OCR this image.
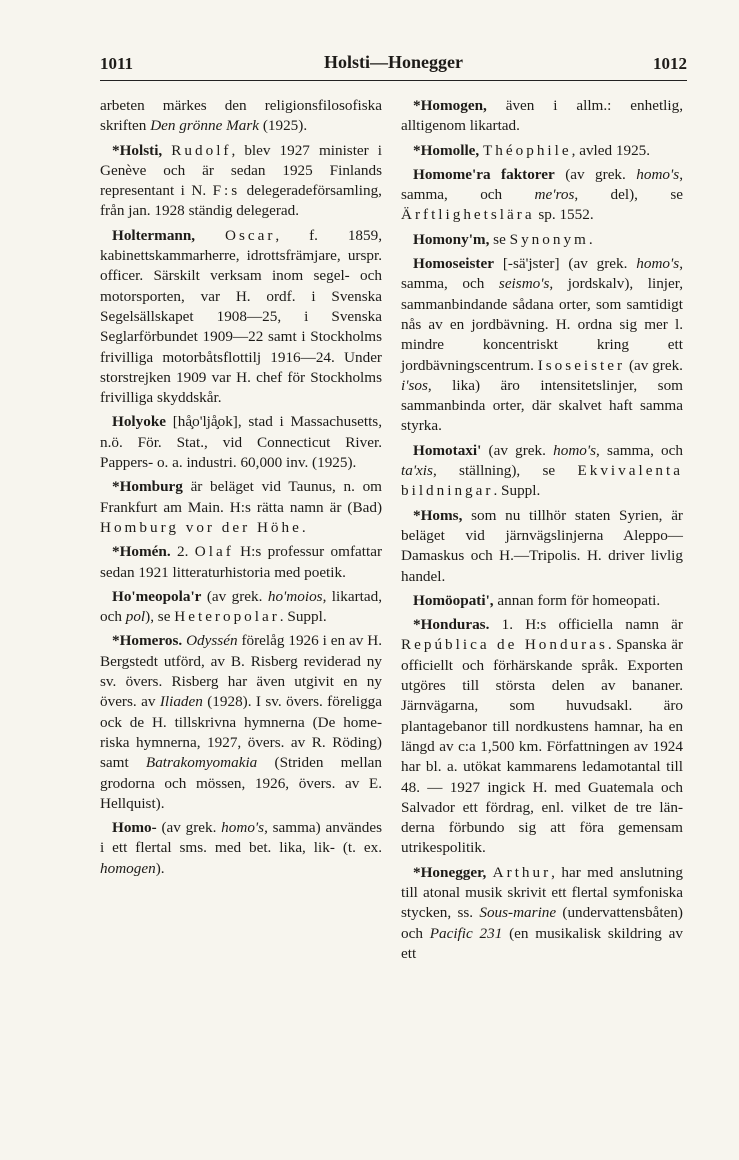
1011	Holsti—Honegger	1012

arbeten märkes den religionsfilosofiska skriften Den grönne Mark (1925).

*Holsti, Rudolf, blev 1927 minister i Genève och är sedan 1925 Finlands representant i N. F:s delegeradeförsamling, från jan. 1928 ständig delegerad.

Holtermann, Oscar, f. 1859, kabinettskammarherre, idrottsfrämjare, urspr. officer. Särskilt verksam inom segel- och motorsporten, var H. ordf. i Svenska Segelsällskapet 1908—25, i Svenska Seglarförbundet 1909—22 samt i Stockholms frivilliga motorbåtsflottilj 1916—24. Under storstrejken 1909 var H. chef för Stockholms frivilliga skyddskår.

Holyoke [hå̧o'ljå̧ok], stad i Massachusetts, n.ö. För. Stat., vid Connecticut River. Pappers- o. a. industri. 60,000 inv. (1925).

*Homburg är beläget vid Taunus, n. om Frankfurt am Main. H:s rätta namn är (Bad) Homburg vor der Höhe.

*Homén. 2. Olaf H:s professur omfattar sedan 1921 litteraturhistoria med poetik.

Ho'meopola'r (av grek. ho'moios, likartad, och pol), se Heteropolar. Suppl.

*Homeros. Odyssén förelåg 1926 i en av H. Bergstedt utförd, av B. Risberg reviderad ny sv. övers. Risberg har även utgivit en ny övers. av Iliaden (1928). I sv. övers. föreligga ock de H. tillskrivna hymnerna (De homeriska hymnerna, 1927, övers. av R. Röding) samt Batrakomyomakia (Striden mellan grodorna och mössen, 1926, övers. av E. Hellquist).

Homo- (av grek. homo's, samma) användes i ett flertal sms. med bet. lika, lik- (t. ex. homogen).

*Homogen, även i allm.: enhetlig, alltigenom likartad.

*Homolle, Théophile, avled 1925.

Homome'ra faktorer (av grek. homo's, samma, och me'ros, del), se Ärftlighetslära sp. 1552.

Homony'm, se Synonym.

Homoseister [-sä'jster] (av grek. homo's, samma, och seismo's, jordskalv), linjer, sammanbindande sådana orter, som samtidigt nås av en jordbävning. H. ordna sig mer l. mindre koncentriskt kring ett jordbävningscentrum. Isoseister (av grek. i'sos, lika) äro intensitetslinjer, som sammanbinda orter, där skalvet haft samma styrka.

Homotaxi' (av grek. homo's, samma, och ta'xis, ställning), se Ekvivalenta bildningar. Suppl.

*Homs, som nu tillhör staten Syrien, är beläget vid järnvägslinjerna Aleppo—Damaskus och H.—Tripolis. H. driver livlig handel.

Homöopati', annan form för homeopati.

*Honduras. 1. H:s officiella namn är República de Honduras. Spanska är officiellt och förhärskande språk. Exporten utgöres till största delen av bananer. Järnvägarna, som huvudsakl. äro plantagebanor till nordkustens hamnar, ha en längd av c:a 1,500 km. Författningen av 1924 har bl. a. utökat kammarens ledamotantal till 48. — 1927 ingick H. med Guatemala och Salvador ett fördrag, enl. vilket de tre länderna förbundo sig att föra gemensam utrikespolitik.

*Honegger, Arthur, har med anslutning till atonal musik skrivit ett flertal symfoniska stycken, ss. Sous-marine (undervattensbåten) och Pacific 231 (en musikalisk skildring av ett
